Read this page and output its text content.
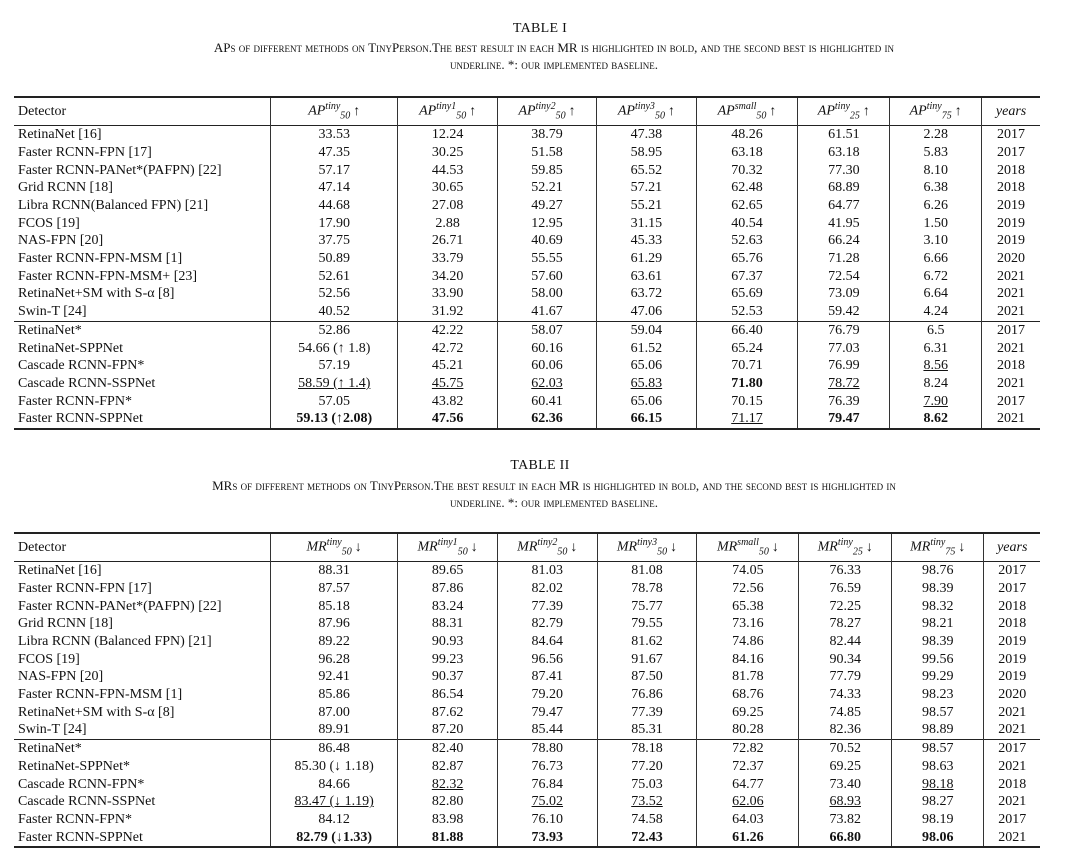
TABLE I
APs of different methods on TinyPerson.The best result in each MR is highlighted in bold, and the second best is highlighted in
underline. *: our implemented baseline.
Detector	$AP^{tiny}_{50}$ ↑	$AP^{tiny1}_{50}$ ↑	$AP^{tiny2}_{50}$ ↑	$AP^{tiny3}_{50}$ ↑	$AP^{small}_{50}$ ↑	$AP^{tiny}_{25}$ ↑	$AP^{tiny}_{75}$ ↑	years
RetinaNet [16]	33.53	12.24	38.79	47.38	48.26	61.51	2.28	2017
Faster RCNN-FPN [17]	47.35	30.25	51.58	58.95	63.18	63.18	5.83	2017
Faster RCNN-PANet*(PAFPN) [22]	57.17	44.53	59.85	65.52	70.32	77.30	8.10	2018
Grid RCNN [18]	47.14	30.65	52.21	57.21	62.48	68.89	6.38	2018
Libra RCNN(Balanced FPN) [21]	44.68	27.08	49.27	55.21	62.65	64.77	6.26	2019
FCOS [19]	17.90	2.88	12.95	31.15	40.54	41.95	1.50	2019
NAS-FPN [20]	37.75	26.71	40.69	45.33	52.63	66.24	3.10	2019
Faster RCNN-FPN-MSM [1]	50.89	33.79	55.55	61.29	65.76	71.28	6.66	2020
Faster RCNN-FPN-MSM+ [23]	52.61	34.20	57.60	63.61	67.37	72.54	6.72	2021
RetinaNet+SM with S-α [8]	52.56	33.90	58.00	63.72	65.69	73.09	6.64	2021
Swin-T [24]	40.52	31.92	41.67	47.06	52.53	59.42	4.24	2021
RetinaNet*	52.86	42.22	58.07	59.04	66.40	76.79	6.5	2017
RetinaNet-SPPNet	54.66 (↑ 1.8)	42.72	60.16	61.52	65.24	77.03	6.31	2021
Cascade RCNN-FPN*	57.19	45.21	60.06	65.06	70.71	76.99	8.56	2018
Cascade RCNN-SSPNet	58.59 (↑ 1.4)	45.75	62.03	65.83	71.80	78.72	8.24	2021
Faster RCNN-FPN*	57.05	43.82	60.41	65.06	70.15	76.39	7.90	2017
Faster RCNN-SPPNet	59.13 (↑2.08)	47.56	62.36	66.15	71.17	79.47	8.62	2021
TABLE II
MRs of different methods on TinyPerson.The best result in each MR is highlighted in bold, and the second best is highlighted in
underline. *: our implemented baseline.
Detector	$MR^{tiny}_{50}$ ↓	$MR^{tiny1}_{50}$ ↓	$MR^{tiny2}_{50}$ ↓	$MR^{tiny3}_{50}$ ↓	$MR^{small}_{50}$ ↓	$MR^{tiny}_{25}$ ↓	$MR^{tiny}_{75}$ ↓	years
RetinaNet [16]	88.31	89.65	81.03	81.08	74.05	76.33	98.76	2017
Faster RCNN-FPN [17]	87.57	87.86	82.02	78.78	72.56	76.59	98.39	2017
Faster RCNN-PANet*(PAFPN) [22]	85.18	83.24	77.39	75.77	65.38	72.25	98.32	2018
Grid RCNN [18]	87.96	88.31	82.79	79.55	73.16	78.27	98.21	2018
Libra RCNN (Balanced FPN) [21]	89.22	90.93	84.64	81.62	74.86	82.44	98.39	2019
FCOS [19]	96.28	99.23	96.56	91.67	84.16	90.34	99.56	2019
NAS-FPN [20]	92.41	90.37	87.41	87.50	81.78	77.79	99.29	2019
Faster RCNN-FPN-MSM [1]	85.86	86.54	79.20	76.86	68.76	74.33	98.23	2020
RetinaNet+SM with S-α [8]	87.00	87.62	79.47	77.39	69.25	74.85	98.57	2021
Swin-T [24]	89.91	87.20	85.44	85.31	80.28	82.36	98.89	2021
RetinaNet*	86.48	82.40	78.80	78.18	72.82	70.52	98.57	2017
RetinaNet-SPPNet*	85.30 (↓ 1.18)	82.87	76.73	77.20	72.37	69.25	98.63	2021
Cascade RCNN-FPN*	84.66	82.32	76.84	75.03	64.77	73.40	98.18	2018
Cascade RCNN-SSPNet	83.47 (↓ 1.19)	82.80	75.02	73.52	62.06	68.93	98.27	2021
Faster RCNN-FPN*	84.12	83.98	76.10	74.58	64.03	73.82	98.19	2017
Faster RCNN-SPPNet	82.79 (↓1.33)	81.88	73.93	72.43	61.26	66.80	98.06	2021
